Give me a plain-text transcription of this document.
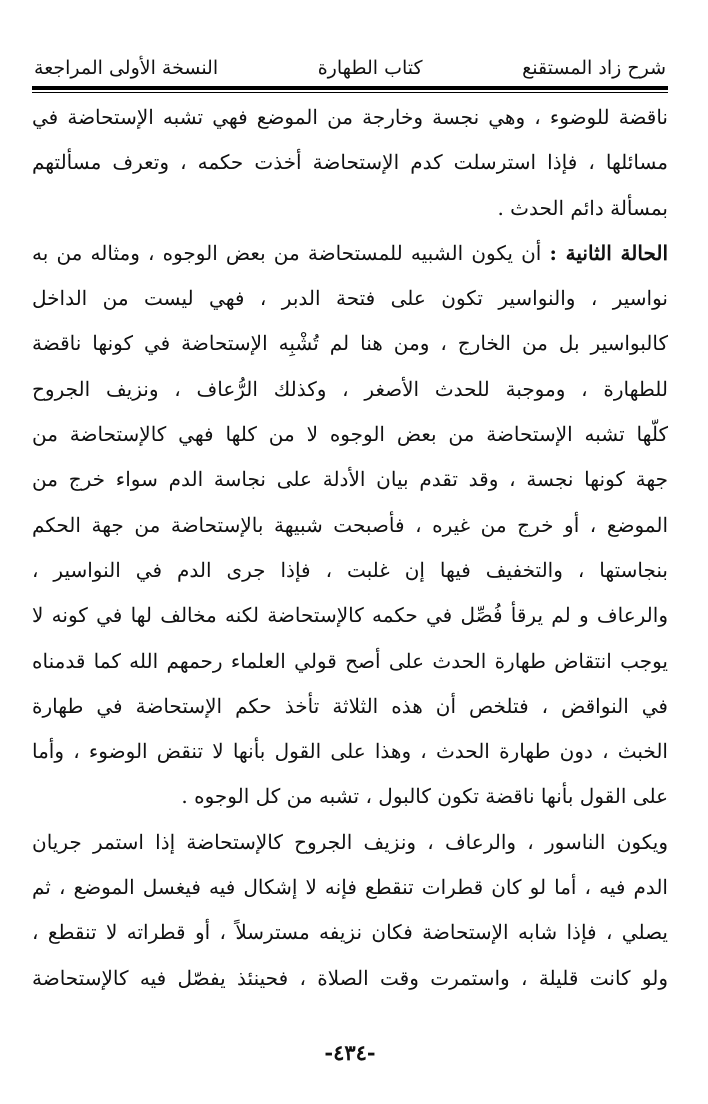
شرح زاد المستقنع
كتاب الطهارة
النسخة الأولى المراجعة
ناقضة للوضوء ، وهي نجسة وخارجة من الموضع فهي تشبه الإستحاضة في
مسائلها ، فإذا استرسلت كدم الإستحاضة أخذت حكمه ، وتعرف مسألتهم
بمسألة دائم الحدث .
الحالة الثانية : أن يكون الشبيه للمستحاضة من بعض الوجوه ، ومثاله من به
نواسير ، والنواسير تكون على فتحة الدبر ، فهي ليست من الداخل
كالبواسير بل من الخارج ، ومن هنا لم تُشْبِه الإستحاضة في كونها ناقضة
للطهارة ، وموجبة للحدث الأصغر ، وكذلك الرُّعاف ، ونزيف الجروح
كلّها تشبه الإستحاضة من بعض الوجوه لا من كلها فهي كالإستحاضة من
جهة كونها نجسة ، وقد تقدم بيان الأدلة على نجاسة الدم سواء خرج من
الموضع ، أو خرج من غيره ، فأصبحت شبيهة بالإستحاضة من جهة الحكم
بنجاستها ، والتخفيف فيها إن غلبت ، فإذا جرى الدم في النواسير ،
والرعاف و لم يرقأ فُصِّل في حكمه كالإستحاضة لكنه مخالف لها في كونه لا
يوجب انتقاض طهارة الحدث على أصح قولي العلماء رحمهم الله كما قدمناه
في النواقض ، فتلخص أن هذه الثلاثة تأخذ حكم الإستحاضة في طهارة
الخبث ، دون طهارة الحدث ، وهذا على القول بأنها لا تنقض الوضوء ، وأما
على القول بأنها ناقضة تكون كالبول ، تشبه من كل الوجوه .
ويكون الناسور ، والرعاف ، ونزيف الجروح كالإستحاضة إذا استمر جريان
الدم فيه ، أما لو كان قطرات تنقطع فإنه لا إشكال فيه فيغسل الموضع ، ثم
يصلي ، فإذا شابه الإستحاضة فكان نزيفه مسترسلاً ، أو قطراته لا تنقطع ،
ولو كانت قليلة ، واستمرت وقت الصلاة ، فحينئذ يفصّل فيه كالإستحاضة
-٤٣٤-
